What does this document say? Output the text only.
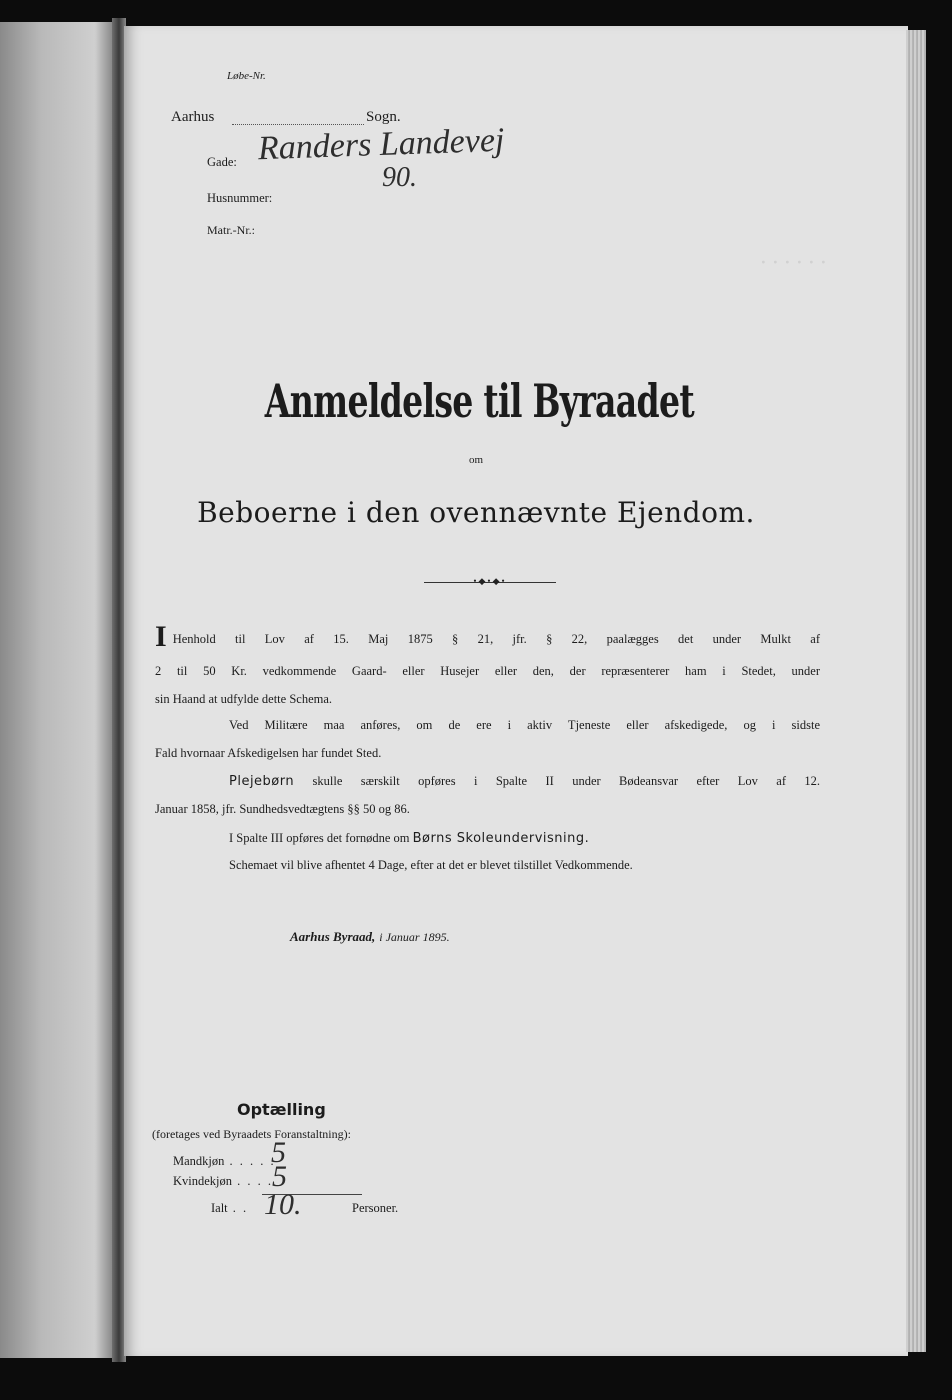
· · · · · ·
Løbe-Nr.
Aarhus	Sogn.
Gade: Randers Landevej
90.
Husnummer:
Matr.-Nr.:
Anmeldelse til Byraadet
om
Beboerne i den ovennævnte Ejendom.
•◆•◆•
I Henhold til Lov af 15. Maj 1875 § 21, jfr. § 22, paalægges det under Mulkt af
2 til 50 Kr. vedkommende Gaard- eller Husejer eller den, der repræsenterer ham i Stedet, under
sin Haand at udfylde dette Schema.
Ved Militære maa anføres, om de ere i aktiv Tjeneste eller afskedigede, og i sidste
Fald hvornaar Afskedigelsen har fundet Sted.
Plejebørn skulle særskilt opføres i Spalte II under Bødeansvar efter Lov af 12.
Januar 1858, jfr. Sundhedsvedtægtens §§ 50 og 86.
I Spalte III opføres det fornødne om Børns Skoleundervisning.
Schemaet vil blive afhentet 4 Dage, efter at det er blevet tilstillet Vedkommende.
Aarhus Byraad, i Januar 1895.
Optælling
(foretages ved Byraadets Foranstaltning):
Mandkjøn . . . . .
5
Kvindekjøn . . . .
5
Ialt . . 10.	Personer.
